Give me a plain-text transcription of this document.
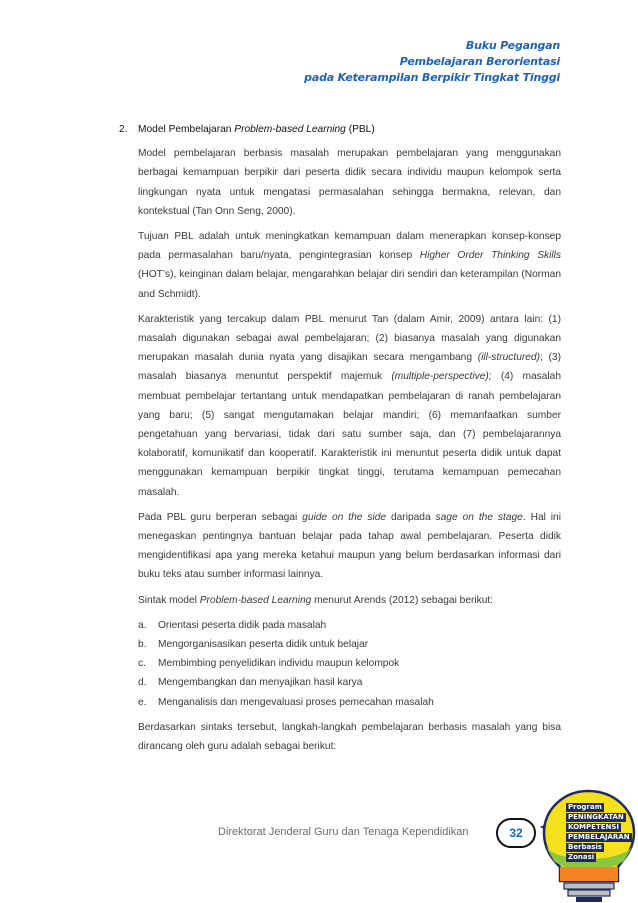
Buku Pegangan
Pembelajaran Berorientasi
pada Keterampilan Berpikir Tingkat Tinggi
2. Model Pembelajaran Problem-based Learning (PBL)

Model pembelajaran berbasis masalah merupakan pembelajaran yang menggunakan berbagai kemampuan berpikir dari peserta didik secara individu maupun kelompok serta lingkungan nyata untuk mengatasi permasalahan sehingga bermakna, relevan, dan kontekstual (Tan Onn Seng, 2000).

Tujuan PBL adalah untuk meningkatkan kemampuan dalam menerapkan konsep-konsep pada permasalahan baru/nyata, pengintegrasian konsep Higher Order Thinking Skills (HOT’s), keinginan dalam belajar, mengarahkan belajar diri sendiri dan keterampilan (Norman and Schmidt).

Karakteristik yang tercakup dalam PBL menurut Tan (dalam Amir, 2009) antara lain: (1) masalah digunakan sebagai awal pembelajaran; (2) biasanya masalah yang digunakan merupakan masalah dunia nyata yang disajikan secara mengambang (ill-structured); (3) masalah biasanya menuntut perspektif majemuk (multiple-perspective); (4) masalah membuat pembelajar tertantang untuk mendapatkan pembelajaran di ranah pembelajaran yang baru; (5) sangat mengutamakan belajar mandiri; (6) memanfaatkan sumber pengetahuan yang bervariasi, tidak dari satu sumber saja, dan (7) pembelajarannya kolaboratif, komunikatif dan kooperatif. Karakteristik ini menuntut peserta didik untuk dapat menggunakan kemampuan berpikir tingkat tinggi, terutama kemampuan pemecahan masalah.

Pada PBL guru berperan sebagai guide on the side daripada sage on the stage. Hal ini menegaskan pentingnya bantuan belajar pada tahap awal pembelajaran. Peserta didik mengidentifikasi apa yang mereka ketahui maupun yang belum berdasarkan informasi dari buku teks atau sumber informasi lainnya.

Sintak model Problem-based Learning menurut Arends (2012) sebagai berikut:

a. Orientasi peserta didik pada masalah
b. Mengorganisasikan peserta didik untuk belajar
c. Membimbing penyelidikan individu maupun kelompok
d. Mengembangkan dan menyajikan hasil karya
e. Menganalisis dan mengevaluasi proses pemecahan masalah

Berdasarkan sintaks tersebut, langkah-langkah pembelajaran berbasis masalah yang bisa dirancang oleh guru adalah sebagai berikut:

Direktorat Jenderal Guru dan Tenaga Kependidikan	32
Program
PENINGKATAN
KOMPETENSI
PEMBELAJARAN
Berbasis
Zonasi
